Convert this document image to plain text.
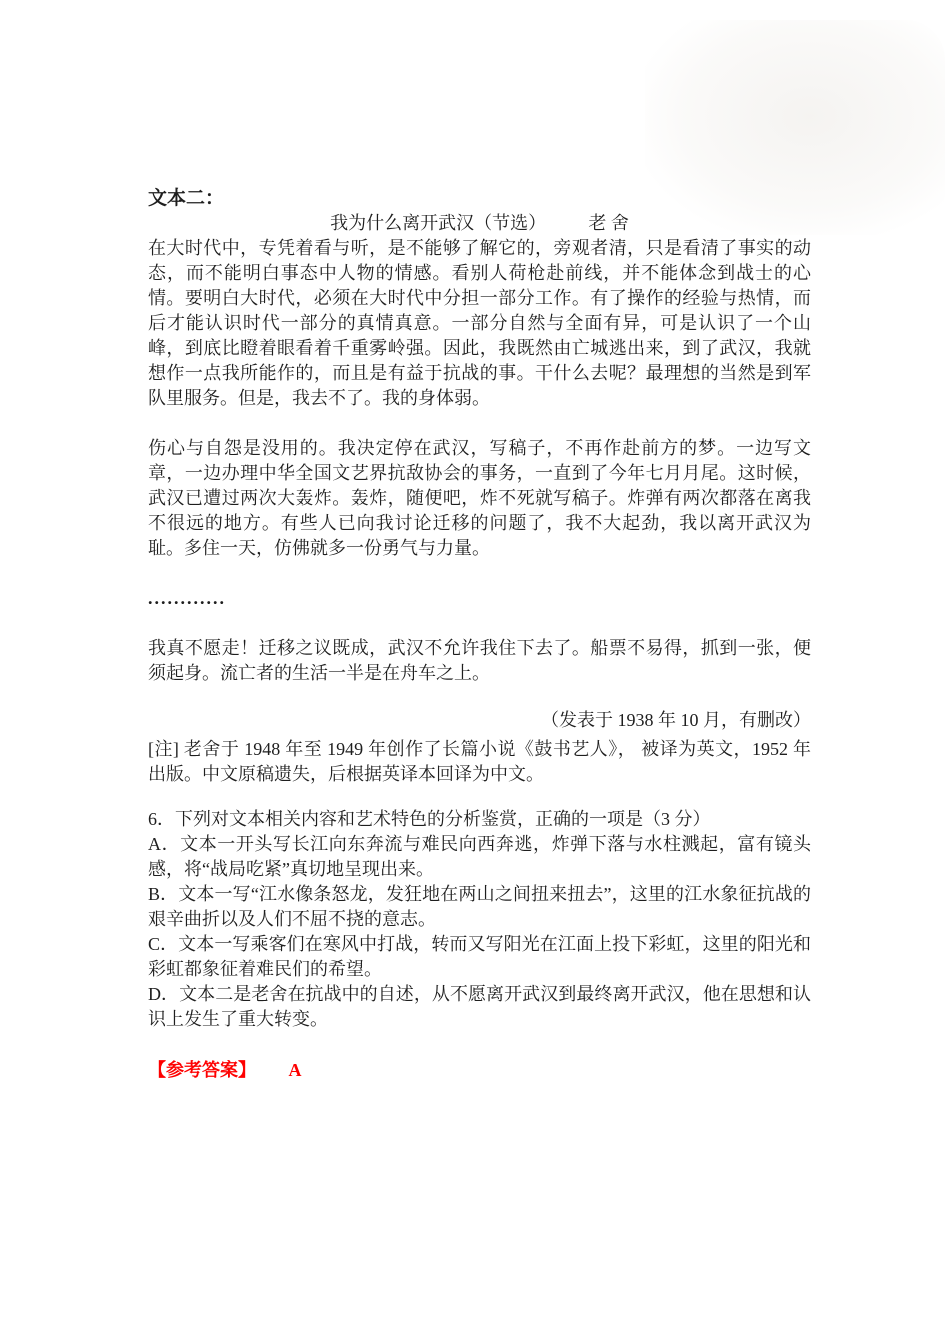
文本二：

我为什么离开武汉（节选） 老 舍

在大时代中，专凭着看与听，是不能够了解它的，旁观者清，只是看清了事实的动态，而不能明白事态中人物的情感。看别人荷枪赴前线，并不能体念到战士的心情。要明白大时代，必须在大时代中分担一部分工作。有了操作的经验与热情，而后才能认识时代一部分的真情真意。一部分自然与全面有异，可是认识了一个山峰，到底比瞪着眼看着千重雾岭强。因此，我既然由亡城逃出来，到了武汉，我就想作一点我所能作的，而且是有益于抗战的事。干什么去呢？最理想的当然是到军队里服务。但是，我去不了。我的身体弱。

伤心与自怨是没用的。我决定停在武汉，写稿子，不再作赴前方的梦。一边写文章，一边办理中华全国文艺界抗敌协会的事务，一直到了今年七月月尾。这时候，武汉已遭过两次大轰炸。轰炸，随便吧，炸不死就写稿子。炸弹有两次都落在离我不很远的地方。有些人已向我讨论迁移的问题了，我不大起劲，我以离开武汉为耻。多住一天，仿佛就多一份勇气与力量。

............

我真不愿走！迁移之议既成，武汉不允许我住下去了。船票不易得，抓到一张，便须起身。流亡者的生活一半是在舟车之上。

（发表于 1938 年 10 月，有删改）

[注] 老舍于 1948 年至 1949 年创作了长篇小说《鼓书艺人》， 被译为英文，1952 年出版。中文原稿遗失，后根据英译本回译为中文。

6．下列对文本相关内容和艺术特色的分析鉴赏，正确的一项是（3 分）

A．文本一开头写长江向东奔流与难民向西奔逃，炸弹下落与水柱溅起，富有镜头感，将“战局吃紧”真切地呈现出来。

B．文本一写“江水像条怒龙，发狂地在两山之间扭来扭去”，这里的江水象征抗战的艰辛曲折以及人们不屈不挠的意志。

C．文本一写乘客们在寒风中打战，转而又写阳光在江面上投下彩虹，这里的阳光和彩虹都象征着难民们的希望。

D．文本二是老舍在抗战中的自述，从不愿离开武汉到最终离开武汉，他在思想和认识上发生了重大转变。

【参考答案】 A
